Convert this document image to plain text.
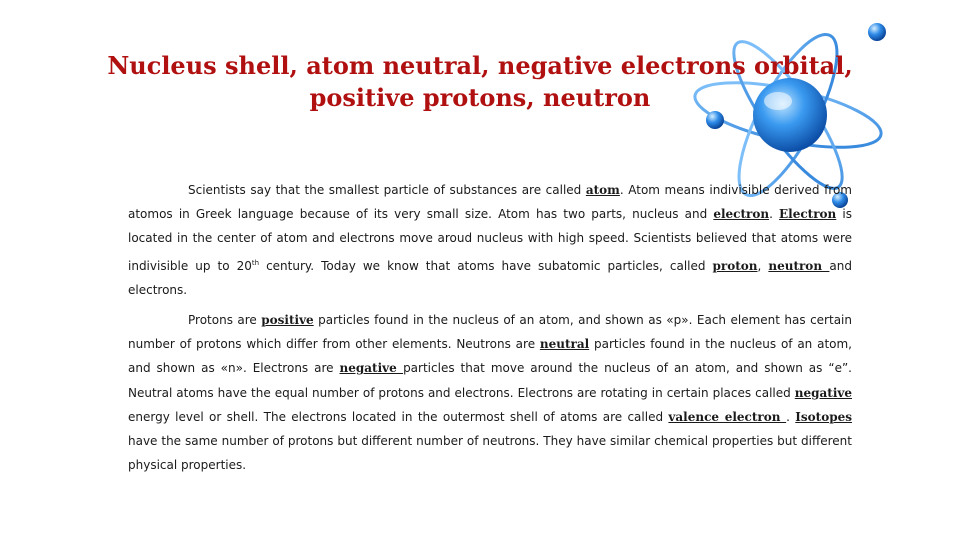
Nucleus shell, atom neutral, negative electrons orbital,
positive protons, neutron

Scientists say that the smallest particle of substances are called atom. Atom means indivisible derived from atomos in Greek language because of its very small size. Atom has two parts, nucleus and electron. Electron is located in the center of atom and electrons move aroud nucleus with high speed. Scientists believed that atoms were indivisible up to 20th century. Today we know that atoms have subatomic particles, called proton, neutron and electrons.

Protons are positive particles found in the nucleus of an atom, and shown as «p». Each element has certain number of protons which differ from other elements. Neutrons are neutral particles found in the nucleus of an atom, and shown as «n». Electrons are negative particles that move around the nucleus of an atom, and shown as “e”. Neutral atoms have the equal number of protons and electrons. Electrons are rotating in certain places called negative energy level or shell. The electrons located in the outermost shell of atoms are called valence electron . Isotopes have the same number of protons but different number of neutrons. They have similar chemical properties but different physical properties.
